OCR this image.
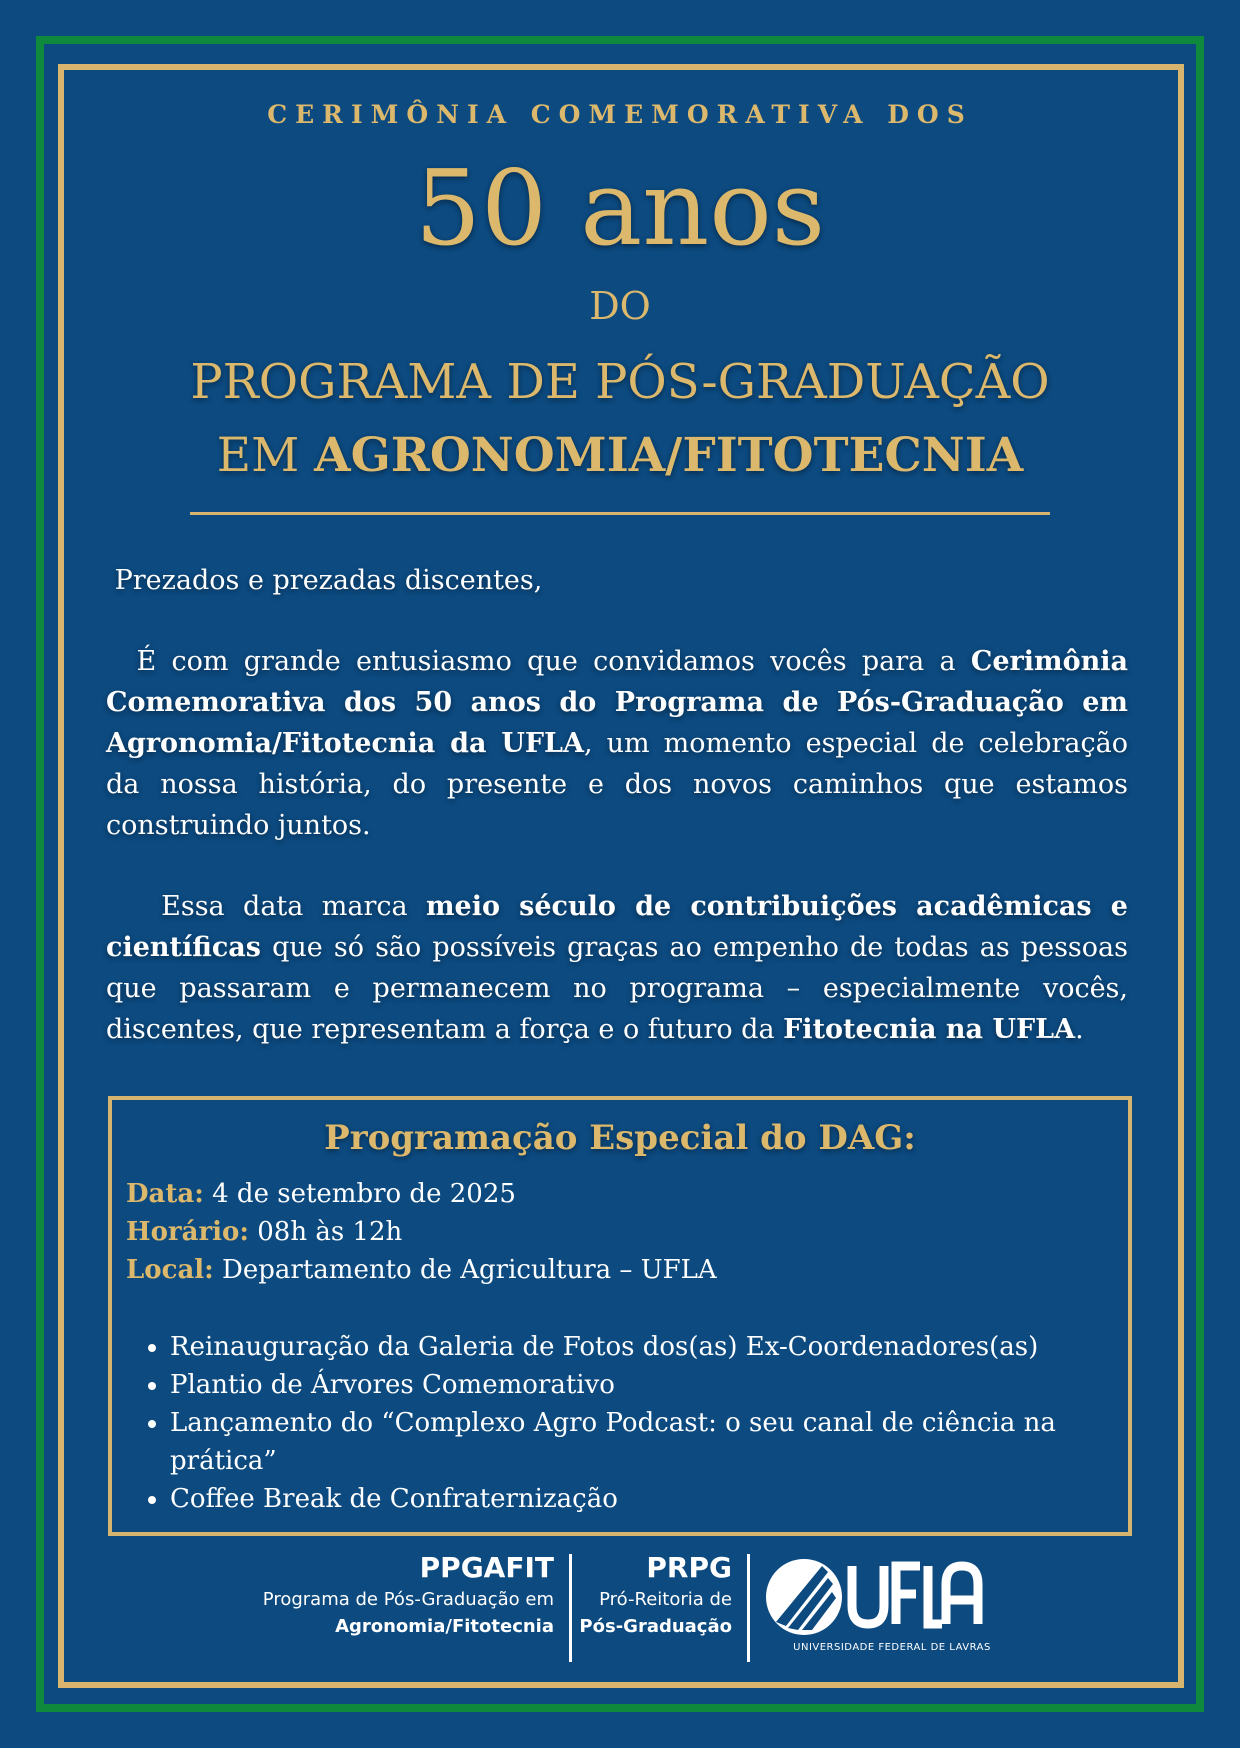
CERIMÔNIA COMEMORATIVA DOS
50 anos
DO
PROGRAMA DE PÓS-GRADUAÇÃO
EM AGRONOMIA/FITOTECNIA
Prezados e prezadas discentes,
É com grande entusiasmo que convidamos vocês para a Cerimônia Comemorativa dos 50 anos do Programa de Pós-Graduação em Agronomia/Fitotecnia da UFLA, um momento especial de celebração da nossa história, do presente e dos novos caminhos que estamos construindo juntos.
Essa data marca meio século de contribuições acadêmicas e científicas que só são possíveis graças ao empenho de todas as pessoas que passaram e permanecem no programa – especialmente vocês, discentes, que representam a força e o futuro da Fitotecnia na UFLA.
Programação Especial do DAG:
Data: 4 de setembro de 2025
Horário: 08h às 12h
Local: Departamento de Agricultura – UFLA
Reinauguração da Galeria de Fotos dos(as) Ex-Coordenadores(as)
Plantio de Árvores Comemorativo
Lançamento do “Complexo Agro Podcast: o seu canal de ciência na prática”
Coffee Break de Confraternização
PPGAFIT
Programa de Pós-Graduação em
Agronomia/Fitotecnia
PRPG
Pró-Reitoria de
Pós-Graduação
UNIVERSIDADE FEDERAL DE LAVRAS
